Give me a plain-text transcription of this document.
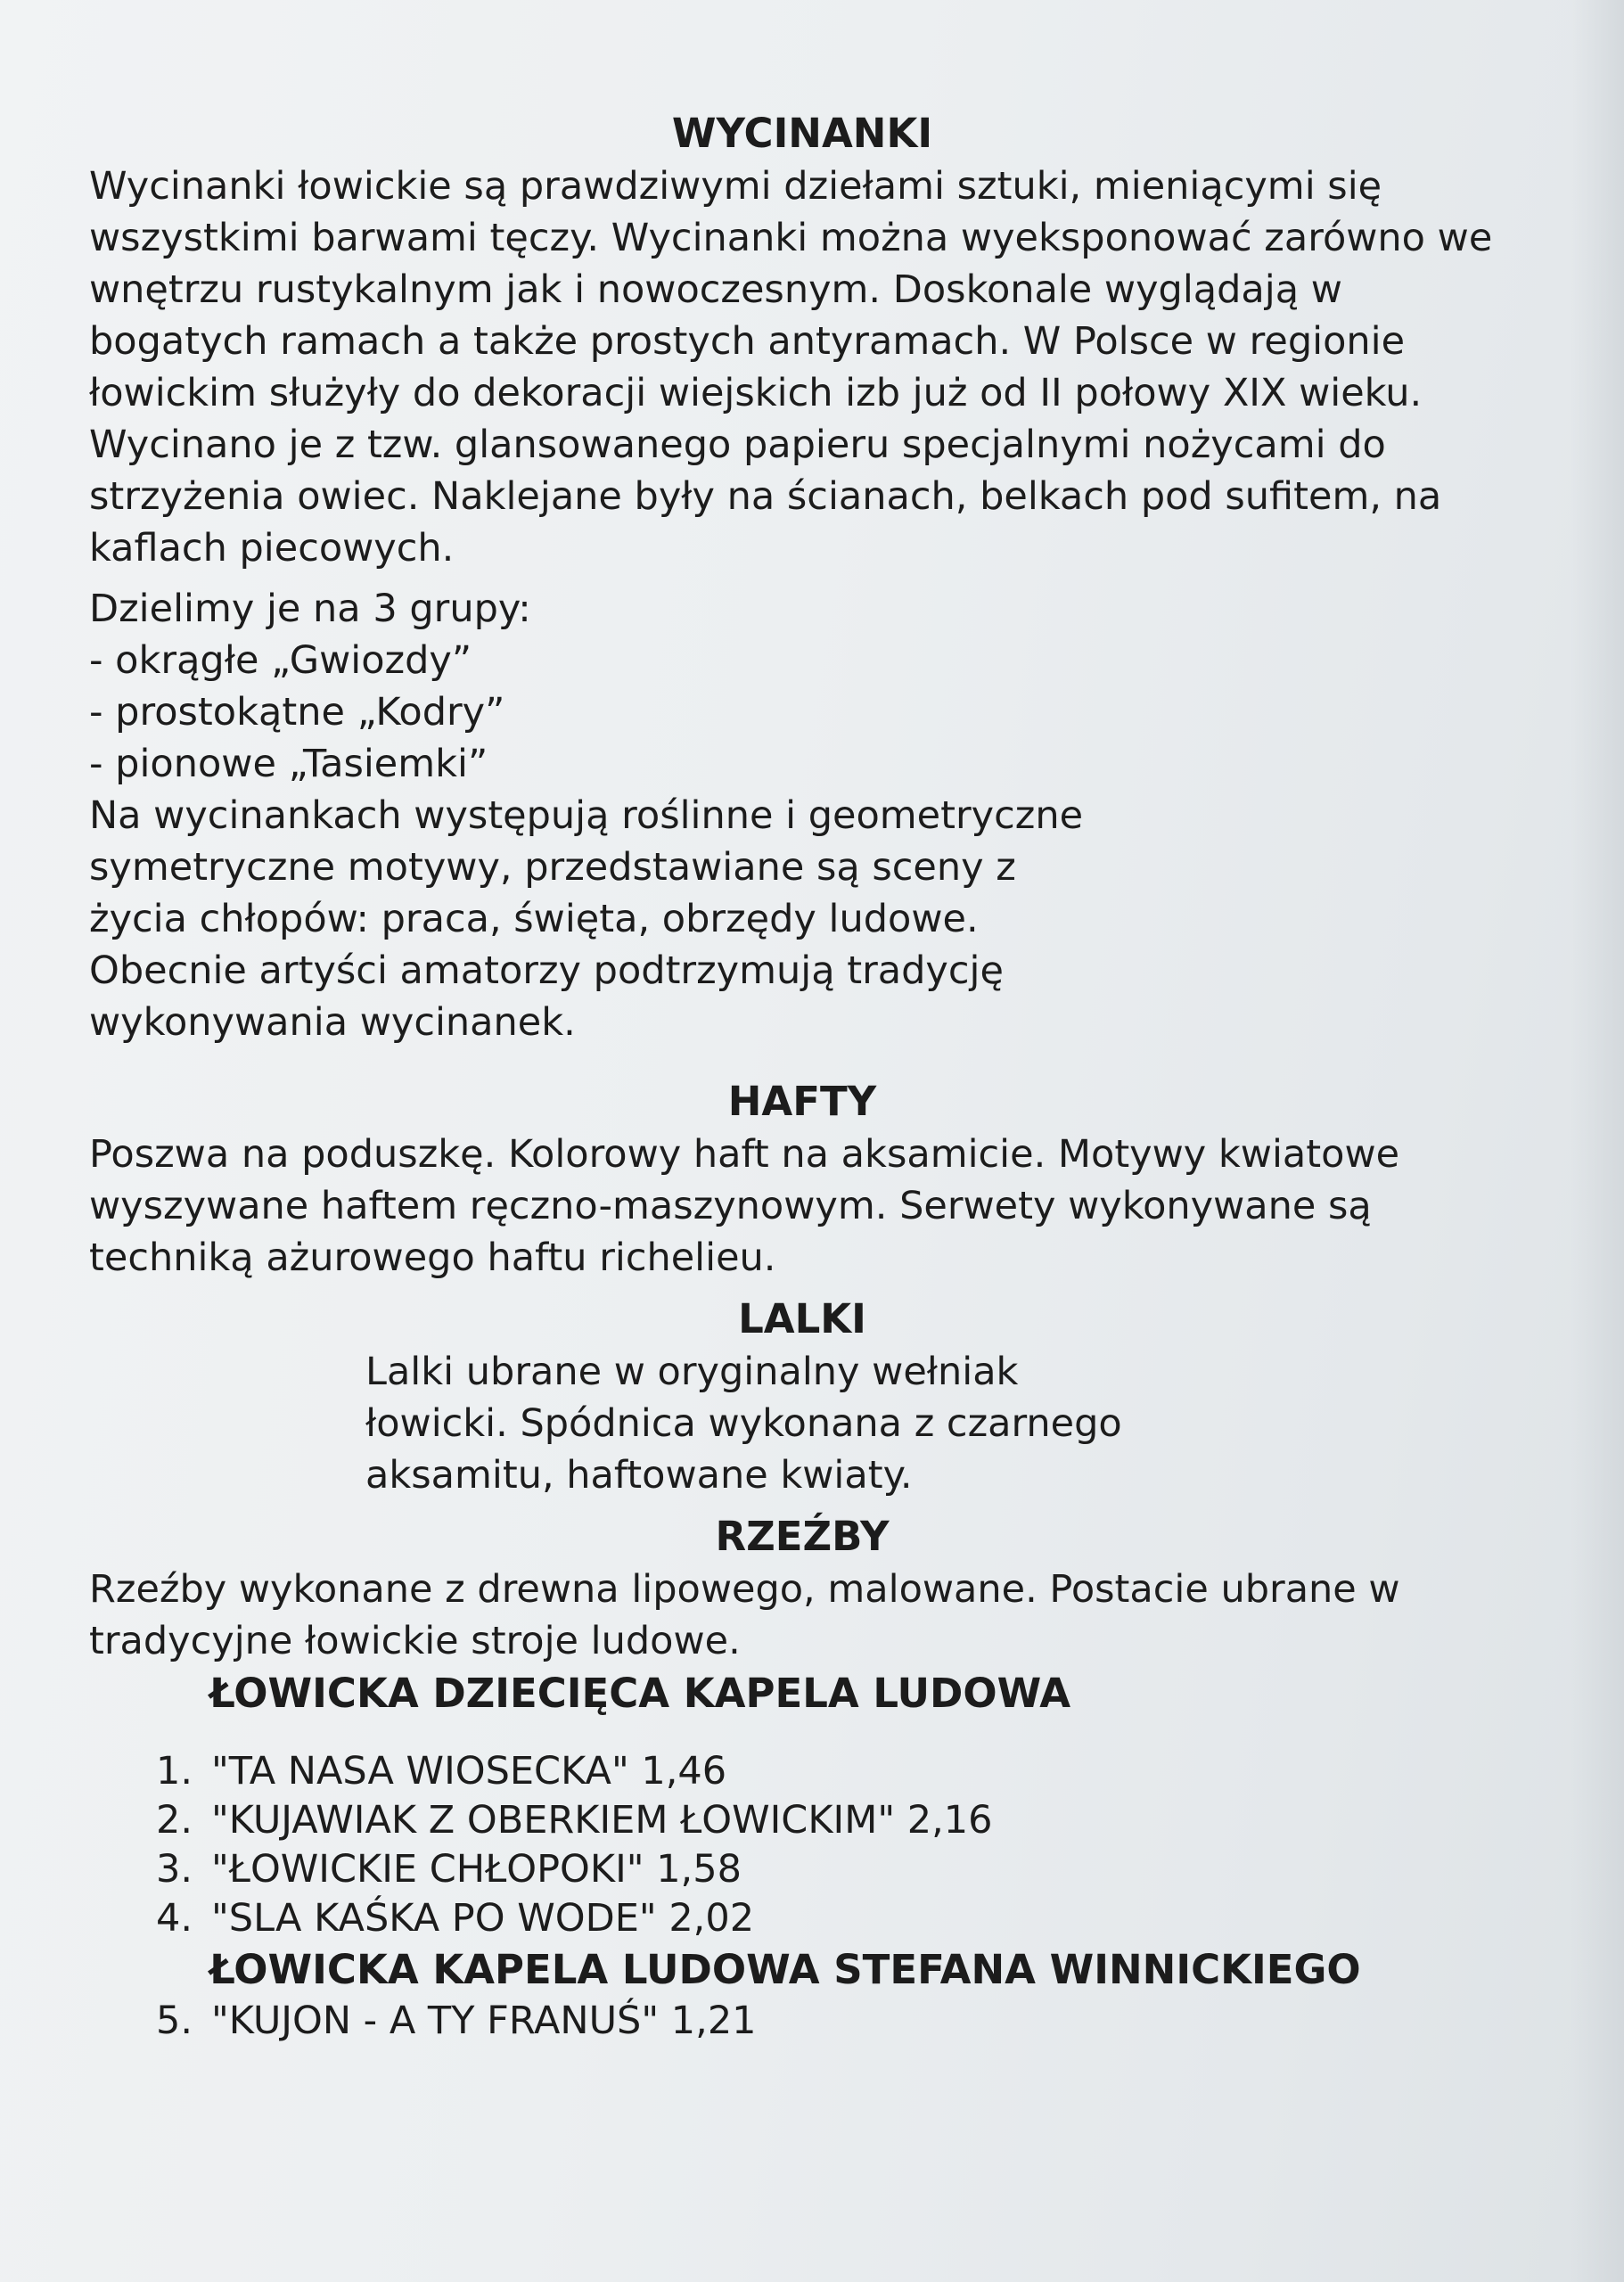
WYCINANKI

Wycinanki łowickie są prawdziwymi dziełami sztuki, mieniącymi się wszystkimi barwami tęczy. Wycinanki można wyeksponować zarówno we wnętrzu rustykalnym jak i nowoczesnym. Doskonale wyglądają w bogatych ramach a także prostych antyramach. W Polsce w regionie łowickim służyły do dekoracji wiejskich izb już od II połowy XIX wieku. Wycinano je z tzw. glansowanego papieru specjalnymi nożycami do strzyżenia owiec. Naklejane były na ścianach, belkach pod sufitem, na kaflach piecowych.

Dzielimy je na 3 grupy:
- okrągłe „Gwiozdy”
- prostokątne „Kodry”
- pionowe „Tasiemki”

Na wycinankach występują roślinne i geometryczne symetryczne motywy, przedstawiane są sceny z życia chłopów: praca, święta, obrzędy ludowe. Obecnie artyści amatorzy podtrzymują tradycję wykonywania wycinanek.

HAFTY

Poszwa na poduszkę. Kolorowy haft na aksamicie. Motywy kwiatowe wyszywane haftem ręczno-maszynowym. Serwety wykonywane są techniką ażurowego haftu richelieu.

LALKI

Lalki ubrane w oryginalny wełniak łowicki. Spódnica wykonana z czarnego aksamitu, haftowane kwiaty.

RZEŹBY

Rzeźby wykonane z drewna lipowego, malowane. Postacie ubrane w tradycyjne łowickie stroje ludowe.

ŁOWICKA DZIECIĘCA KAPELA LUDOWA
1. "TA NASA WIOSECKA" 1,46
2. "KUJAWIAK Z OBERKIEM ŁOWICKIM" 2,16
3. "ŁOWICKIE CHŁOPOKI" 1,58
4. "SLA KAŚKA PO WODE" 2,02
ŁOWICKA KAPELA LUDOWA STEFANA WINNICKIEGO
5. "KUJON - A TY FRANUŚ" 1,21
